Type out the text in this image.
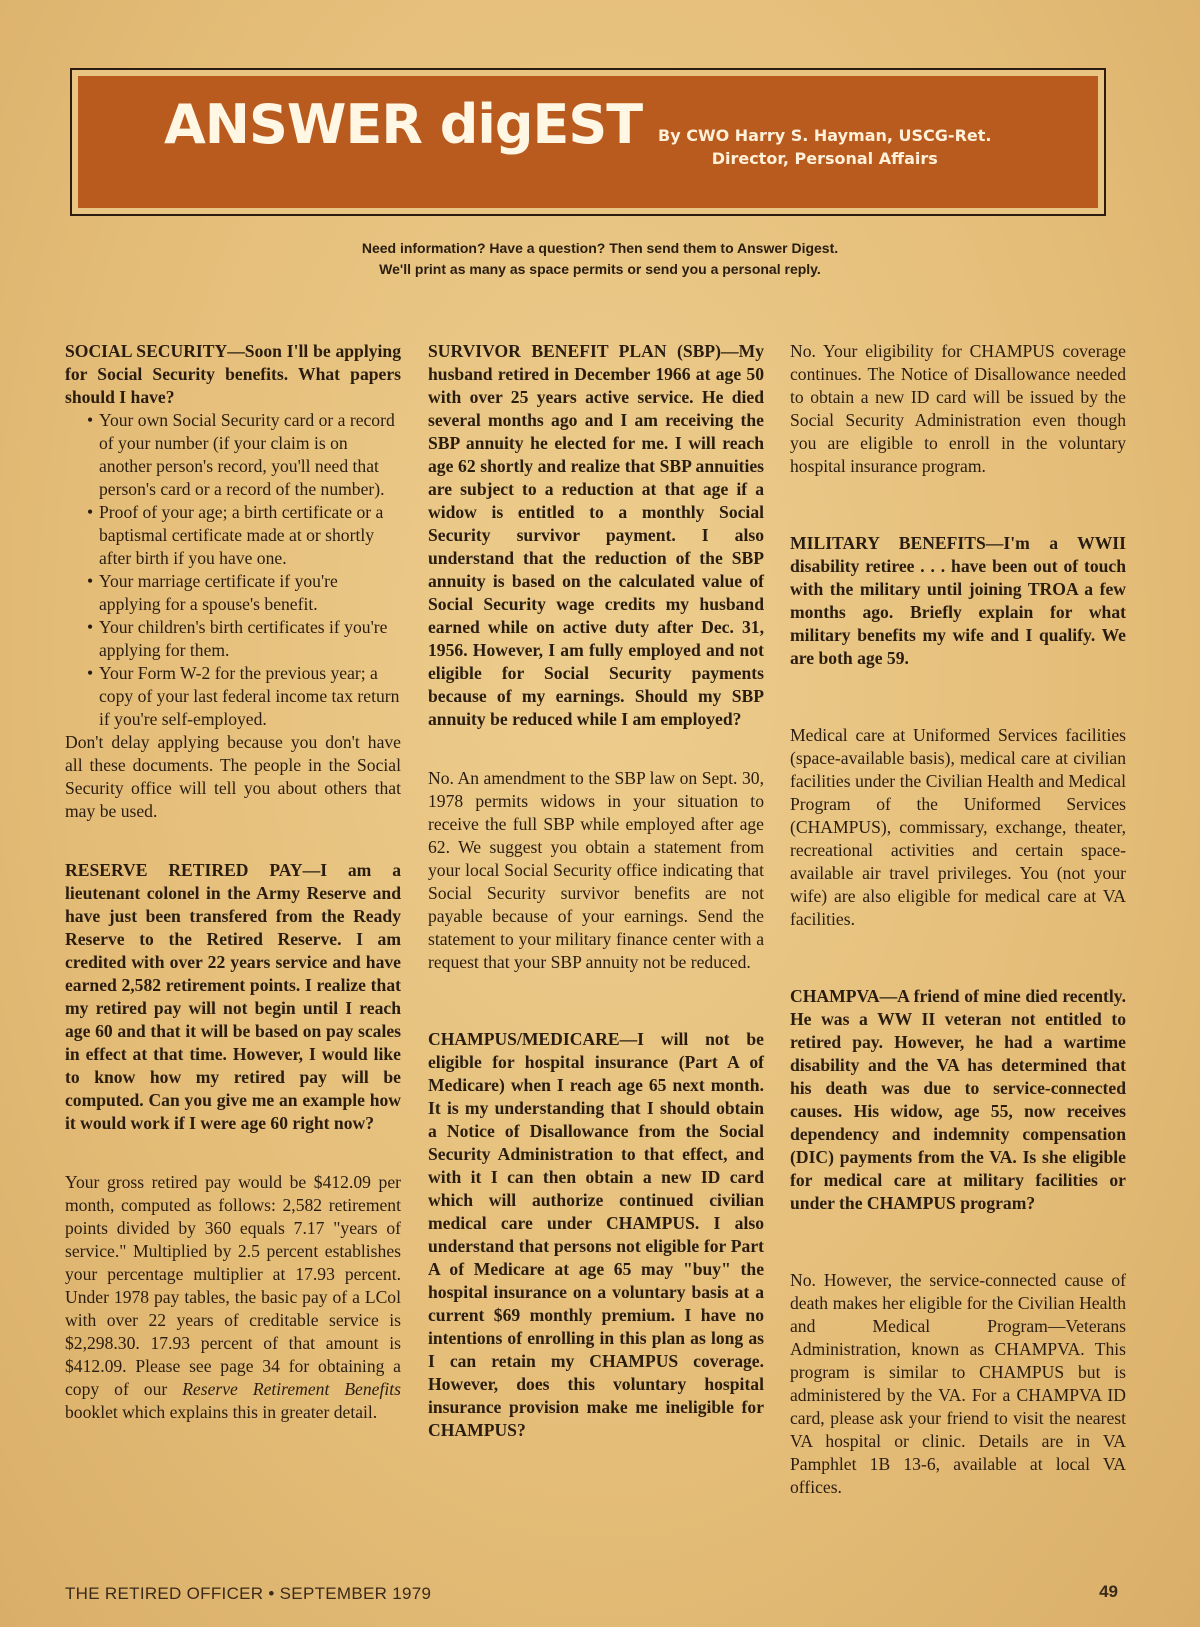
ANSWER digEST By CWO Harry S. Hayman, USCG-Ret.
Director, Personal Affairs
Need information? Have a question? Then send them to Answer Digest.
We'll print as many as space permits or send you a personal reply.

SOCIAL SECURITY—Soon I'll be applying for Social Security benefits. What papers should I have?

• Your own Social Security card or a record of your number (if your claim is on another person's record, you'll need that person's card or a record of the number).
• Proof of your age; a birth certificate or a baptismal certificate made at or shortly after birth if you have one.
• Your marriage certificate if you're applying for a spouse's benefit.
• Your children's birth certificates if you're applying for them.
• Your Form W-2 for the previous year; a copy of your last federal income tax return if you're self-employed.

Don't delay applying because you don't have all these documents. The people in the Social Security office will tell you about others that may be used.

RESERVE RETIRED PAY—I am a lieutenant colonel in the Army Reserve and have just been transfered from the Ready Reserve to the Retired Reserve. I am credited with over 22 years service and have earned 2,582 retirement points. I realize that my retired pay will not begin until I reach age 60 and that it will be based on pay scales in effect at that time. However, I would like to know how my retired pay will be computed. Can you give me an example how it would work if I were age 60 right now?

Your gross retired pay would be $412.09 per month, computed as follows: 2,582 retirement points divided by 360 equals 7.17 "years of service." Multiplied by 2.5 percent establishes your percentage multiplier at 17.93 percent. Under 1978 pay tables, the basic pay of a LCol with over 22 years of creditable service is $2,298.30. 17.93 percent of that amount is $412.09. Please see page 34 for obtaining a copy of our Reserve Retirement Benefits booklet which explains this in greater detail.

SURVIVOR BENEFIT PLAN (SBP)—My husband retired in December 1966 at age 50 with over 25 years active service. He died several months ago and I am receiving the SBP annuity he elected for me. I will reach age 62 shortly and realize that SBP annuities are subject to a reduction at that age if a widow is entitled to a monthly Social Security survivor payment. I also understand that the reduction of the SBP annuity is based on the calculated value of Social Security wage credits my husband earned while on active duty after Dec. 31, 1956. However, I am fully employed and not eligible for Social Security payments because of my earnings. Should my SBP annuity be reduced while I am employed?

No. An amendment to the SBP law on Sept. 30, 1978 permits widows in your situation to receive the full SBP while employed after age 62. We suggest you obtain a statement from your local Social Security office indicating that Social Security survivor benefits are not payable because of your earnings. Send the statement to your military finance center with a request that your SBP annuity not be reduced.

CHAMPUS/MEDICARE—I will not be eligible for hospital insurance (Part A of Medicare) when I reach age 65 next month. It is my understanding that I should obtain a Notice of Disallowance from the Social Security Administration to that effect, and with it I can then obtain a new ID card which will authorize continued civilian medical care under CHAMPUS. I also understand that persons not eligible for Part A of Medicare at age 65 may "buy" the hospital insurance on a voluntary basis at a current $69 monthly premium. I have no intentions of enrolling in this plan as long as I can retain my CHAMPUS coverage. However, does this voluntary hospital insurance provision make me ineligible for CHAMPUS?

No. Your eligibility for CHAMPUS coverage continues. The Notice of Disallowance needed to obtain a new ID card will be issued by the Social Security Administration even though you are eligible to enroll in the voluntary hospital insurance program.

MILITARY BENEFITS—I'm a WWII disability retiree . . . have been out of touch with the military until joining TROA a few months ago. Briefly explain for what military benefits my wife and I qualify. We are both age 59.

Medical care at Uniformed Services facilities (space-available basis), medical care at civilian facilities under the Civilian Health and Medical Program of the Uniformed Services (CHAMPUS), commissary, exchange, theater, recreational activities and certain space-available air travel privileges. You (not your wife) are also eligible for medical care at VA facilities.

CHAMPVA—A friend of mine died recently. He was a WW II veteran not entitled to retired pay. However, he had a wartime disability and the VA has determined that his death was due to service-connected causes. His widow, age 55, now receives dependency and indemnity compensation (DIC) payments from the VA. Is she eligible for medical care at military facilities or under the CHAMPUS program?

No. However, the service-connected cause of death makes her eligible for the Civilian Health and Medical Program—Veterans Administration, known as CHAMPVA. This program is similar to CHAMPUS but is administered by the VA. For a CHAMPVA ID card, please ask your friend to visit the nearest VA hospital or clinic. Details are in VA Pamphlet 1B 13-6, available at local VA offices.

THE RETIRED OFFICER • SEPTEMBER 1979	49
